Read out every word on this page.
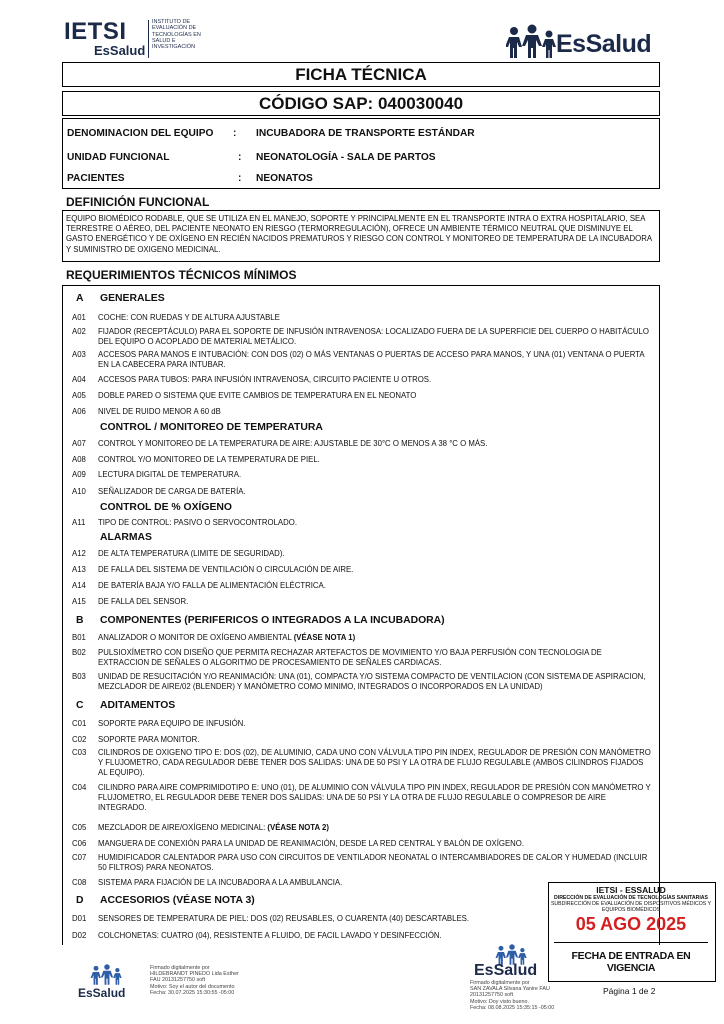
IETSI
EsSalud
INSTITUTO DE
EVALUACIÓN DE
TECNOLOGÍAS EN
SALUD E
INVESTIGACIÓN	EsSalud
FICHA TÉCNICA
CÓDIGO SAP: 040030040
DENOMINACION DEL EQUIPO : INCUBADORA DE TRANSPORTE ESTÁNDAR
UNIDAD FUNCIONAL	: NEONATOLOGÍA - SALA DE PARTOS
PACIENTES	: NEONATOS
DEFINICIÓN FUNCIONAL
EQUIPO BIOMÉDICO RODABLE, QUE SE UTILIZA EN EL MANEJO, SOPORTE Y PRINCIPALMENTE EN EL TRANSPORTE INTRA O EXTRA HOSPITALARIO, SEA TERRESTRE O AÉREO, DEL PACIENTE NEONATO EN RIESGO (TERMORREGULACIÓN), OFRECE UN AMBIENTE TÉRMICO NEUTRAL QUE DISMINUYE EL GASTO ENERGÉTICO Y DE OXÍGENO EN RECIÉN NACIDOS PREMATUROS Y RIESGO CON CONTROL Y MONITOREO DE TEMPERATURA DE LA INCUBADORA Y SUMINISTRO DE OXIGENO MEDICINAL.
REQUERIMIENTOS TÉCNICOS MÍNIMOS
A GENERALES
A01	COCHE: CON RUEDAS Y DE ALTURA AJUSTABLE
A02	FIJADOR (RECEPTÁCULO) PARA EL SOPORTE DE INFUSIÓN INTRAVENOSA: LOCALIZADO FUERA DE LA SUPERFICIE DEL CUERPO O HABITÁCULO DEL EQUIPO O ACOPLADO DE MATERIAL METÁLICO.
A03	ACCESOS PARA MANOS E INTUBACIÓN: CON DOS (02) O MÁS VENTANAS O PUERTAS DE ACCESO PARA MANOS, Y UNA (01) VENTANA O PUERTA EN LA CABECERA PARA INTUBAR.
A04	ACCESOS PARA TUBOS: PARA INFUSIÓN INTRAVENOSA, CIRCUITO PACIENTE U OTROS.
A05	DOBLE PARED O SISTEMA QUE EVITE CAMBIOS DE TEMPERATURA EN EL NEONATO
A06	NIVEL DE RUIDO MENOR A 60 dB
CONTROL / MONITOREO DE TEMPERATURA
A07	CONTROL Y MONITOREO DE LA TEMPERATURA DE AIRE: AJUSTABLE DE 30°C O MENOS A 38 °C O MÁS.
A08	CONTROL Y/O MONITOREO DE LA TEMPERATURA DE PIEL.
A09	LECTURA DIGITAL DE TEMPERATURA.
A10	SEÑALIZADOR DE CARGA DE BATERÍA.
CONTROL DE % OXÍGENO
A11	TIPO DE CONTROL: PASIVO O SERVOCONTROLADO.
ALARMAS
A12	DE ALTA TEMPERATURA (LIMITE DE SEGURIDAD).
A13	DE FALLA DEL SISTEMA DE VENTILACIÓN O CIRCULACIÓN DE AIRE.
A14	DE BATERÍA BAJA Y/O FALLA DE ALIMENTACIÓN ELÉCTRICA.
A15	DE FALLA DEL SENSOR.
B COMPONENTES (PERIFERICOS O INTEGRADOS A LA INCUBADORA)
B01	ANALIZADOR O MONITOR DE OXÍGENO AMBIENTAL (VÉASE NOTA 1)
B02	PULSIOXÍMETRO CON DISEÑO QUE PERMITA RECHAZAR ARTEFACTOS DE MOVIMIENTO Y/O BAJA PERFUSIÓN CON TECNOLOGIA DE EXTRACCION DE SEÑALES O ALGORITMO DE PROCESAMIENTO DE SEÑALES CARDIACAS.
B03	UNIDAD DE RESUCITACIÓN Y/O REANIMACIÓN: UNA (01), COMPACTA Y/O SISTEMA COMPACTO DE VENTILACION (CON SISTEMA DE ASPIRACION, MEZCLADOR DE AIRE/02 (BLENDER) Y MANÓMETRO COMO MINIMO, INTEGRADOS O INCORPORADOS EN LA UNIDAD)
C ADITAMENTOS
C01	SOPORTE PARA EQUIPO DE INFUSIÓN.
C02	SOPORTE PARA MONITOR.
C03	CILINDROS DE OXIGENO TIPO E: DOS (02), DE ALUMINIO, CADA UNO CON VÁLVULA TIPO PIN INDEX, REGULADOR DE PRESIÓN CON MANÓMETRO Y FLUJOMETRO, CADA REGULADOR DEBE TENER DOS SALIDAS: UNA DE 50 PSI Y LA OTRA DE FLUJO REGULABLE (AMBOS CILINDROS FIJADOS AL EQUIPO).
C04	CILINDRO PARA AIRE COMPRIMIDOTIPO E: UNO (01), DE ALUMINIO CON VÁLVULA TIPO PIN INDEX, REGULADOR DE PRESIÓN CON MANÓMETRO Y FLUJOMETRO, EL REGULADOR DEBE TENER DOS SALIDAS: UNA DE 50 PSI Y LA OTRA DE FLUJO REGULABLE O COMPRESOR DE AIRE INTEGRADO.
C05	MEZCLADOR DE AIRE/OXÍGENO MEDICINAL: (VÉASE NOTA 2)
C06	MANGUERA DE CONEXIÓN PARA LA UNIDAD DE REANIMACIÓN, DESDE LA RED CENTRAL Y BALÓN DE OXÍGENO.
C07	HUMIDIFICADOR CALENTADOR PARA USO CON CIRCUITOS DE VENTILADOR NEONATAL O INTERCAMBIADORES DE CALOR Y HUMEDAD (INCLUIR 50 FILTROS) PARA NEONATOS.
C08	SISTEMA PARA FIJACIÓN DE LA INCUBADORA A LA AMBULANCIA.
D ACCESORIOS (VÉASE NOTA 3)
D01	SENSORES DE TEMPERATURA DE PIEL: DOS (02) REUSABLES, O CUARENTA (40) DESCARTABLES.
D02	COLCHONETAS: CUATRO (04), RESISTENTE A FLUIDO, DE FACIL LAVADO Y DESINFECCIÓN.
IETSI - ESSALUD
DIRECCIÓN DE EVALUACIÓN DE TECNOLOGÍAS SANITARIAS
SUBDIRECCIÓN DE EVALUACIÓN DE DISPOSITIVOS MÉDICOS Y EQUIPOS BIOMÉDICOS
05 AGO 2025
FECHA DE ENTRADA EN VIGENCIA
EsSalud
Firmado digitalmente por
HILDEBRANDT PINEDO Lida Esther
FAU 20131257750 soft
Motivo: Soy el autor del documento
Fecha: 30.07.2025 15:30:55 -05:00
EsSalud
Firmado digitalmente por
SAN ZAVALA Silvana Yanire FAU
20131257750 soft
Motivo: Doy visto bueno.
Fecha: 08.08.2025 15:35:15 -05:00
Página 1 de 2
